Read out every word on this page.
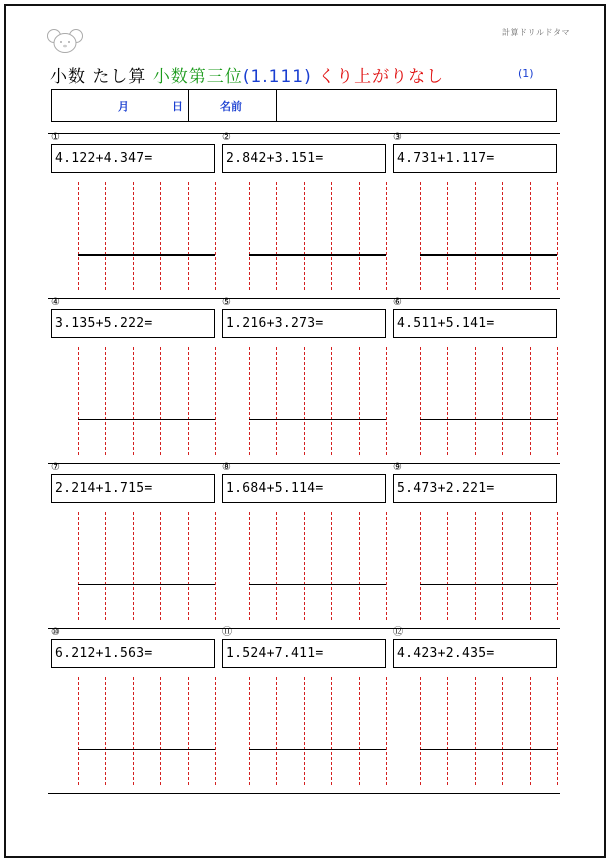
計算ドリルドタマ
小数 たし算 小数第三位(1.111) くり上がりなし	(1)
月	日	名前
①
4.122+4.347=
②
2.842+3.151=
③
4.731+1.117=
④
3.135+5.222=
⑤
1.216+3.273=
⑥
4.511+5.141=
⑦
2.214+1.715=
⑧
1.684+5.114=
⑨
5.473+2.221=
⑩
6.212+1.563=
⑪
1.524+7.411=
⑫
4.423+2.435=
